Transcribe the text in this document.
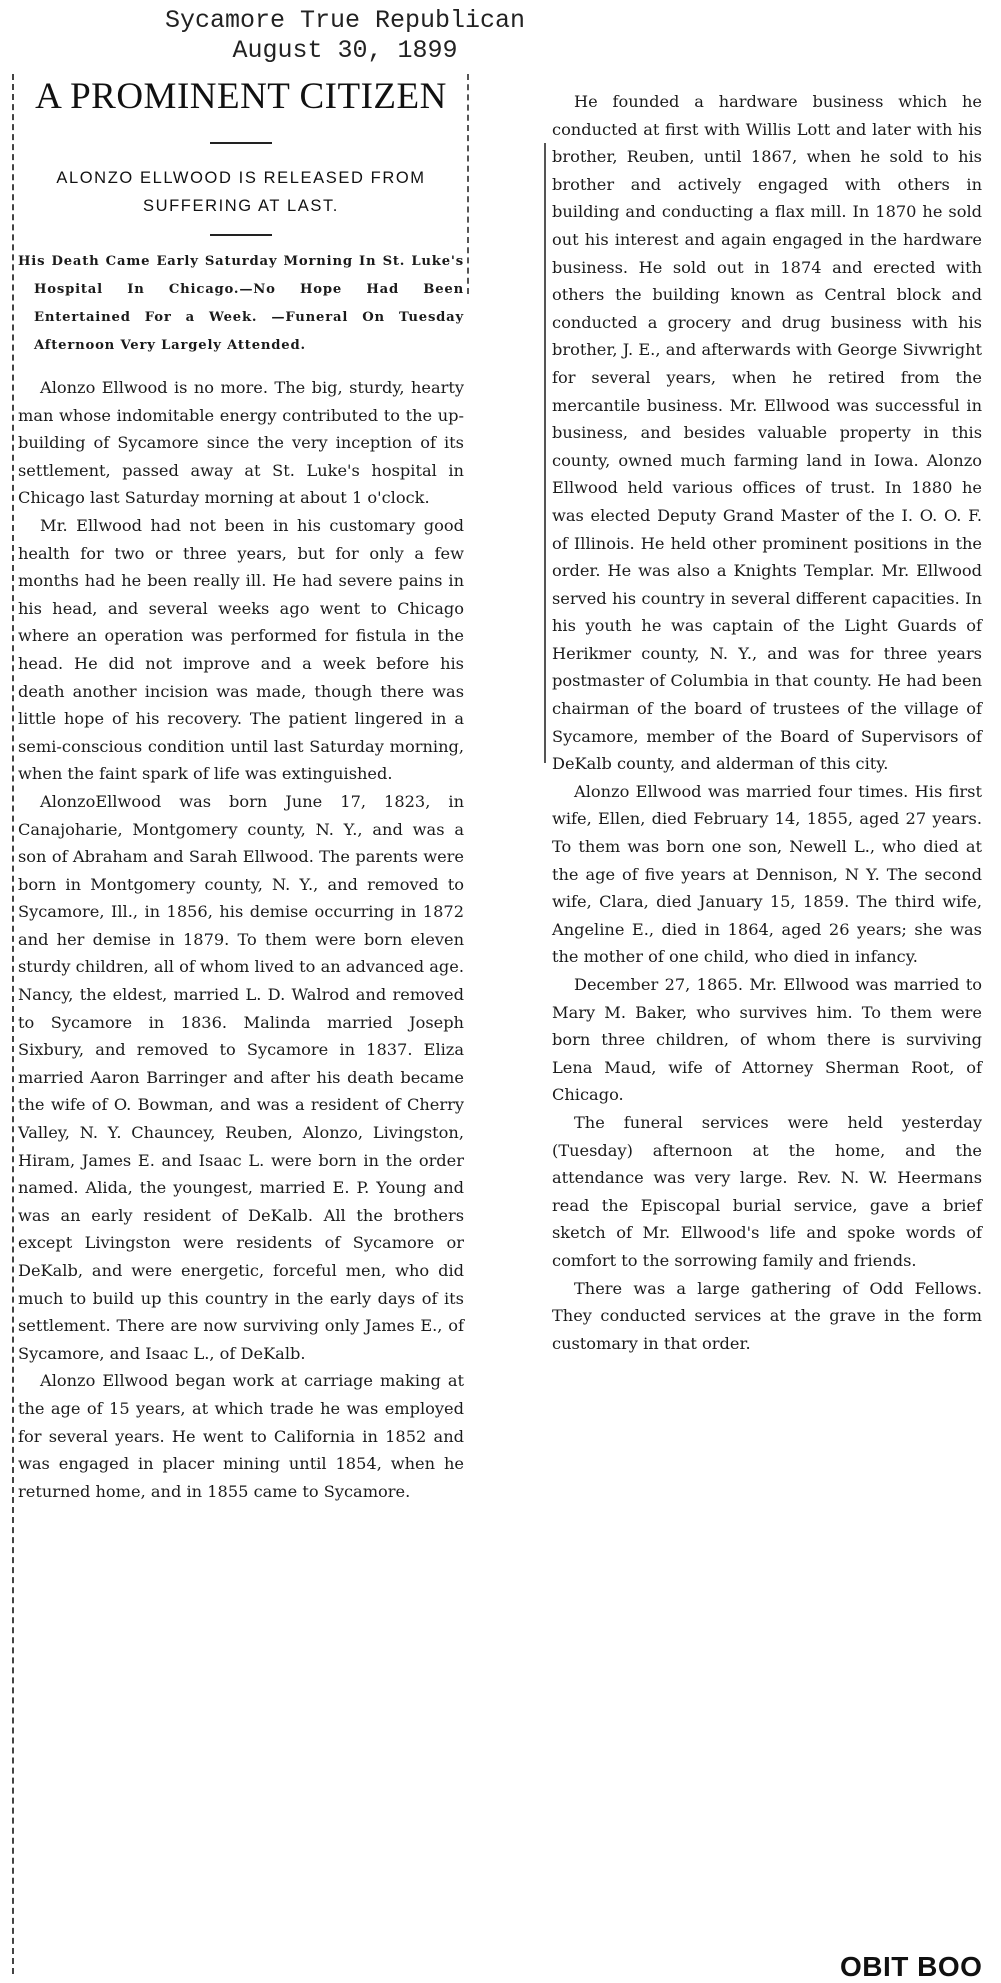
Sycamore True Republican
August 30, 1899
A PROMINENT CITIZEN
ALONZO ELLWOOD IS RELEASED FROM SUFFERING AT LAST.
His Death Came Early Saturday Morning In St. Luke's Hospital In Chicago.—No Hope Had Been Entertained For a Week. —Funeral On Tuesday Afternoon Very Largely Attended.

Alonzo Ellwood is no more. The big, sturdy, hearty man whose indomitable energy contributed to the up-building of Sycamore since the very inception of its settlement, passed away at St. Luke's hospital in Chicago last Saturday morning at about 1 o'clock.

Mr. Ellwood had not been in his customary good health for two or three years, but for only a few months had he been really ill. He had severe pains in his head, and several weeks ago went to Chicago where an operation was performed for fistula in the head. He did not improve and a week before his death another incision was made, though there was little hope of his recovery. The patient lingered in a semi-conscious condition until last Saturday morning, when the faint spark of life was extinguished.

AlonzoEllwood was born June 17, 1823, in Canajoharie, Montgomery county, N. Y., and was a son of Abraham and Sarah Ellwood. The parents were born in Montgomery county, N. Y., and removed to Sycamore, Ill., in 1856, his demise occurring in 1872 and her demise in 1879. To them were born eleven sturdy children, all of whom lived to an advanced age. Nancy, the eldest, married L. D. Walrod and removed to Sycamore in 1836. Malinda married Joseph Sixbury, and removed to Sycamore in 1837. Eliza married Aaron Barringer and after his death became the wife of O. Bowman, and was a resident of Cherry Valley, N. Y. Chauncey, Reuben, Alonzo, Livingston, Hiram, James E. and Isaac L. were born in the order named. Alida, the youngest, married E. P. Young and was an early resident of DeKalb. All the brothers except Livingston were residents of Sycamore or DeKalb, and were energetic, forceful men, who did much to build up this country in the early days of its settlement. There are now surviving only James E., of Sycamore, and Isaac L., of DeKalb.

Alonzo Ellwood began work at carriage making at the age of 15 years, at which trade he was employed for several years. He went to California in 1852 and was engaged in placer mining until 1854, when he returned home, and in 1855 came to Sycamore.

He founded a hardware business which he conducted at first with Willis Lott and later with his brother, Reuben, until 1867, when he sold to his brother and actively engaged with others in building and conducting a flax mill. In 1870 he sold out his interest and again engaged in the hardware business. He sold out in 1874 and erected with others the building known as Central block and conducted a grocery and drug business with his brother, J. E., and afterwards with George Sivwright for several years, when he retired from the mercantile business. Mr. Ellwood was successful in business, and besides valuable property in this county, owned much farming land in Iowa. Alonzo Ellwood held various offices of trust. In 1880 he was elected Deputy Grand Master of the I. O. O. F. of Illinois. He held other prominent positions in the order. He was also a Knights Templar. Mr. Ellwood served his country in several different capacities. In his youth he was captain of the Light Guards of Herikmer county, N. Y., and was for three years postmaster of Columbia in that county. He had been chairman of the board of trustees of the village of Sycamore, member of the Board of Supervisors of DeKalb county, and alderman of this city.

Alonzo Ellwood was married four times. His first wife, Ellen, died February 14, 1855, aged 27 years. To them was born one son, Newell L., who died at the age of five years at Dennison, N Y. The second wife, Clara, died January 15, 1859. The third wife, Angeline E., died in 1864, aged 26 years; she was the mother of one child, who died in infancy.

December 27, 1865. Mr. Ellwood was married to Mary M. Baker, who survives him. To them were born three children, of whom there is surviving Lena Maud, wife of Attorney Sherman Root, of Chicago.

The funeral services were held yesterday (Tuesday) afternoon at the home, and the attendance was very large. Rev. N. W. Heermans read the Episcopal burial service, gave a brief sketch of Mr. Ellwood's life and spoke words of comfort to the sorrowing family and friends.

There was a large gathering of Odd Fellows. They conducted services at the grave in the form customary in that order.

OBIT BOO
